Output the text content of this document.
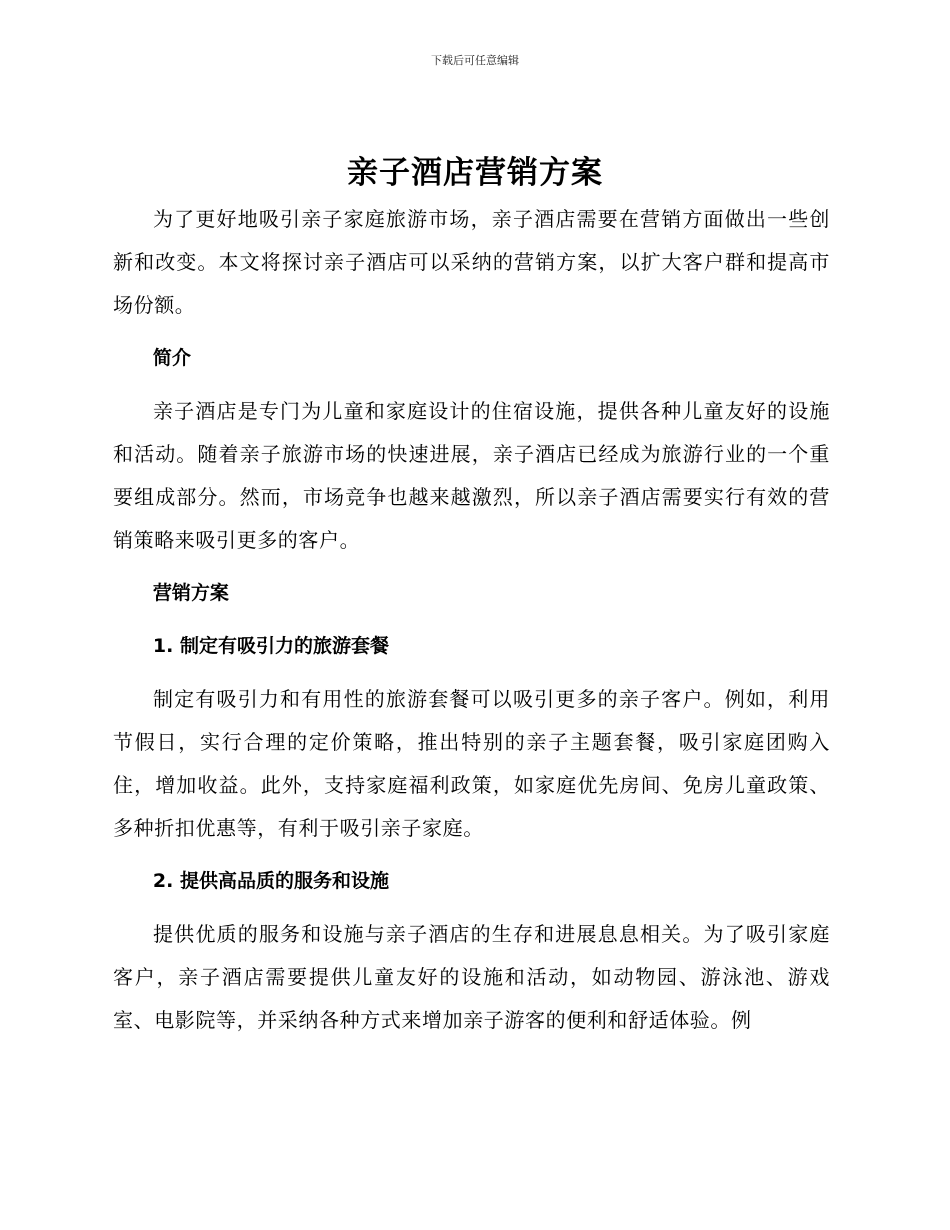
下载后可任意编辑
亲子酒店营销方案

为了更好地吸引亲子家庭旅游市场，亲子酒店需要在营销方面做出一些创新和改变。本文将探讨亲子酒店可以采纳的营销方案，以扩大客户群和提高市场份额。

简介

亲子酒店是专门为儿童和家庭设计的住宿设施，提供各种儿童友好的设施和活动。随着亲子旅游市场的快速进展，亲子酒店已经成为旅游行业的一个重要组成部分。然而，市场竞争也越来越激烈，所以亲子酒店需要实行有效的营销策略来吸引更多的客户。

营销方案

1. 制定有吸引力的旅游套餐

制定有吸引力和有用性的旅游套餐可以吸引更多的亲子客户。例如，利用节假日，实行合理的定价策略，推出特别的亲子主题套餐，吸引家庭团购入住，增加收益。此外，支持家庭福利政策，如家庭优先房间、免房儿童政策、多种折扣优惠等，有利于吸引亲子家庭。

2. 提供高品质的服务和设施

提供优质的服务和设施与亲子酒店的生存和进展息息相关。为了吸引家庭客户，亲子酒店需要提供儿童友好的设施和活动，如动物园、游泳池、游戏室、电影院等，并采纳各种方式来增加亲子游客的便利和舒适体验。例
